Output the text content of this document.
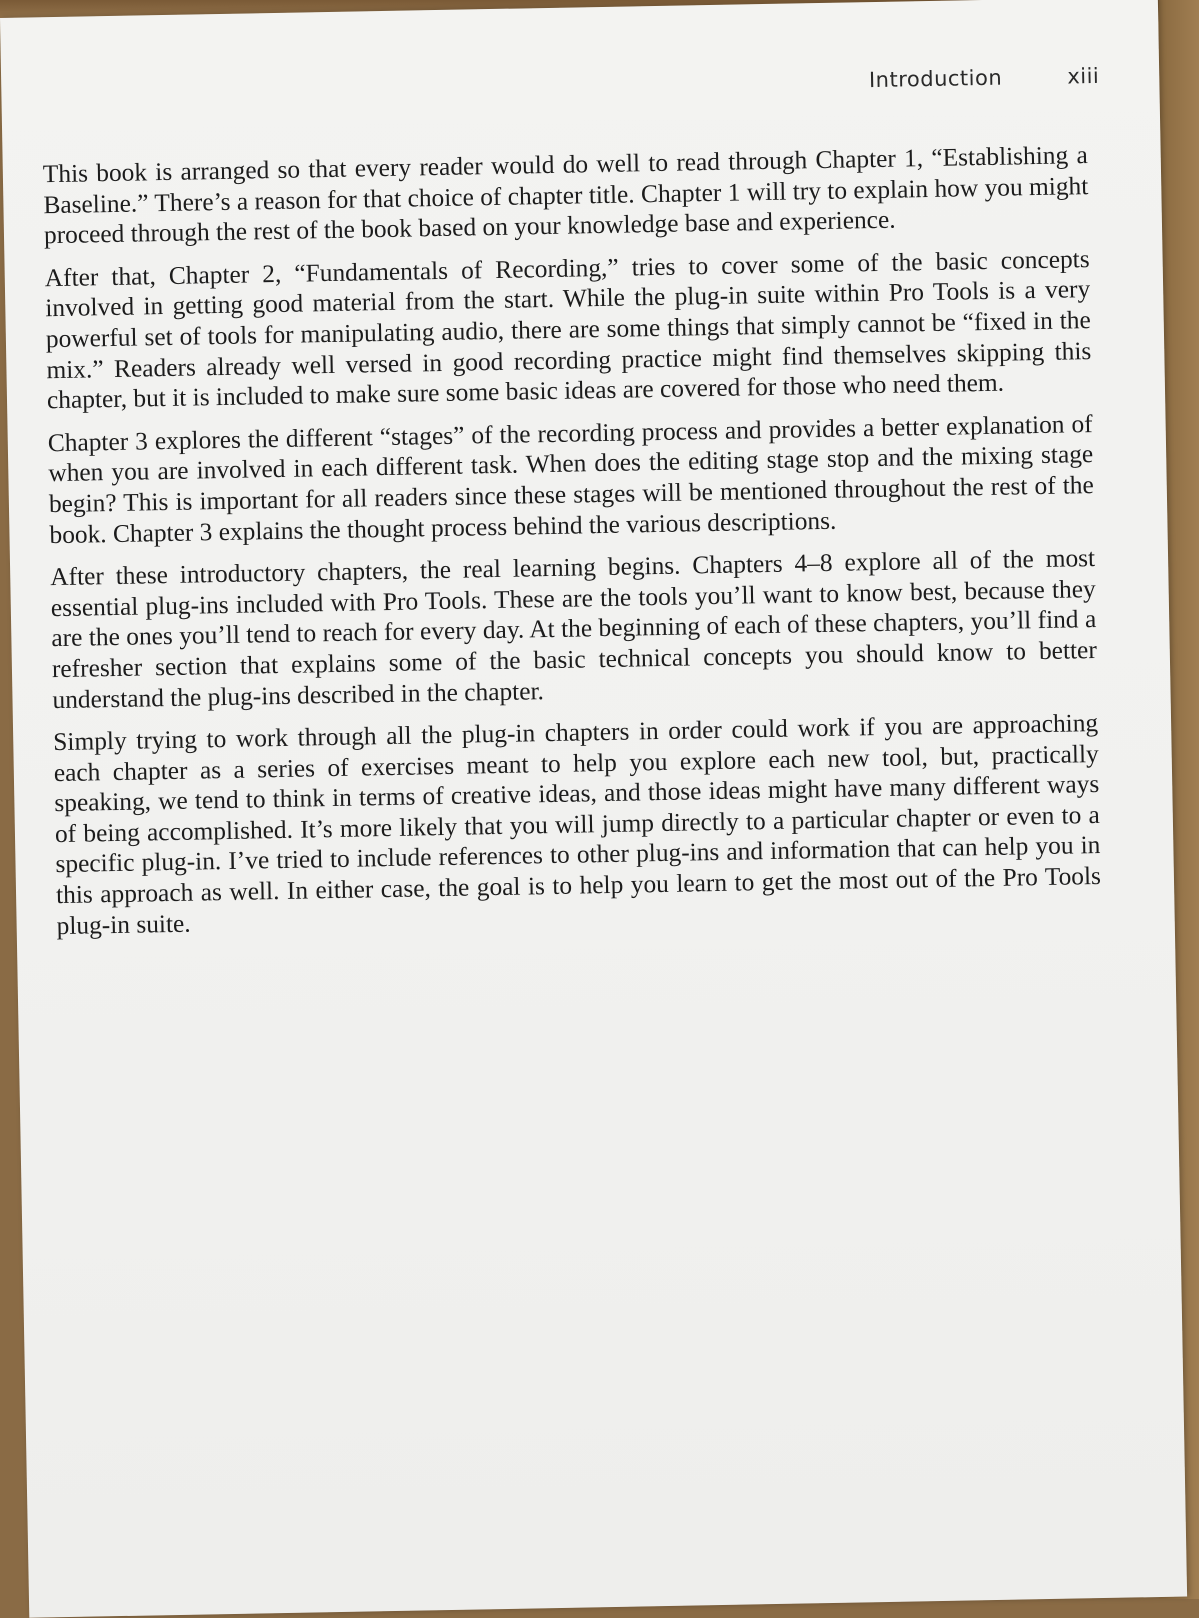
Introduction	xiii

This book is arranged so that every reader would do well to read through Chapter 1, “Establishing a Baseline.” There’s a reason for that choice of chapter title. Chapter 1 will try to explain how you might proceed through the rest of the book based on your knowledge base and experience.

After that, Chapter 2, “Fundamentals of Recording,” tries to cover some of the basic concepts involved in getting good material from the start. While the plug-in suite within Pro Tools is a very powerful set of tools for manipulating audio, there are some things that simply cannot be “fixed in the mix.” Readers already well versed in good recording practice might find themselves skipping this chapter, but it is included to make sure some basic ideas are covered for those who need them.

Chapter 3 explores the different “stages” of the recording process and provides a better explanation of when you are involved in each different task. When does the editing stage stop and the mixing stage begin? This is important for all readers since these stages will be mentioned throughout the rest of the book. Chapter 3 explains the thought process behind the various descriptions.

After these introductory chapters, the real learning begins. Chapters 4–8 explore all of the most essential plug-ins included with Pro Tools. These are the tools you’ll want to know best, because they are the ones you’ll tend to reach for every day. At the beginning of each of these chapters, you’ll find a refresher section that explains some of the basic technical concepts you should know to better understand the plug-ins described in the chapter.

Simply trying to work through all the plug-in chapters in order could work if you are approaching each chapter as a series of exercises meant to help you explore each new tool, but, practically speaking, we tend to think in terms of creative ideas, and those ideas might have many different ways of being accomplished. It’s more likely that you will jump directly to a particular chapter or even to a specific plug-in. I’ve tried to include references to other plug-ins and information that can help you in this approach as well. In either case, the goal is to help you learn to get the most out of the Pro Tools plug-in suite.
